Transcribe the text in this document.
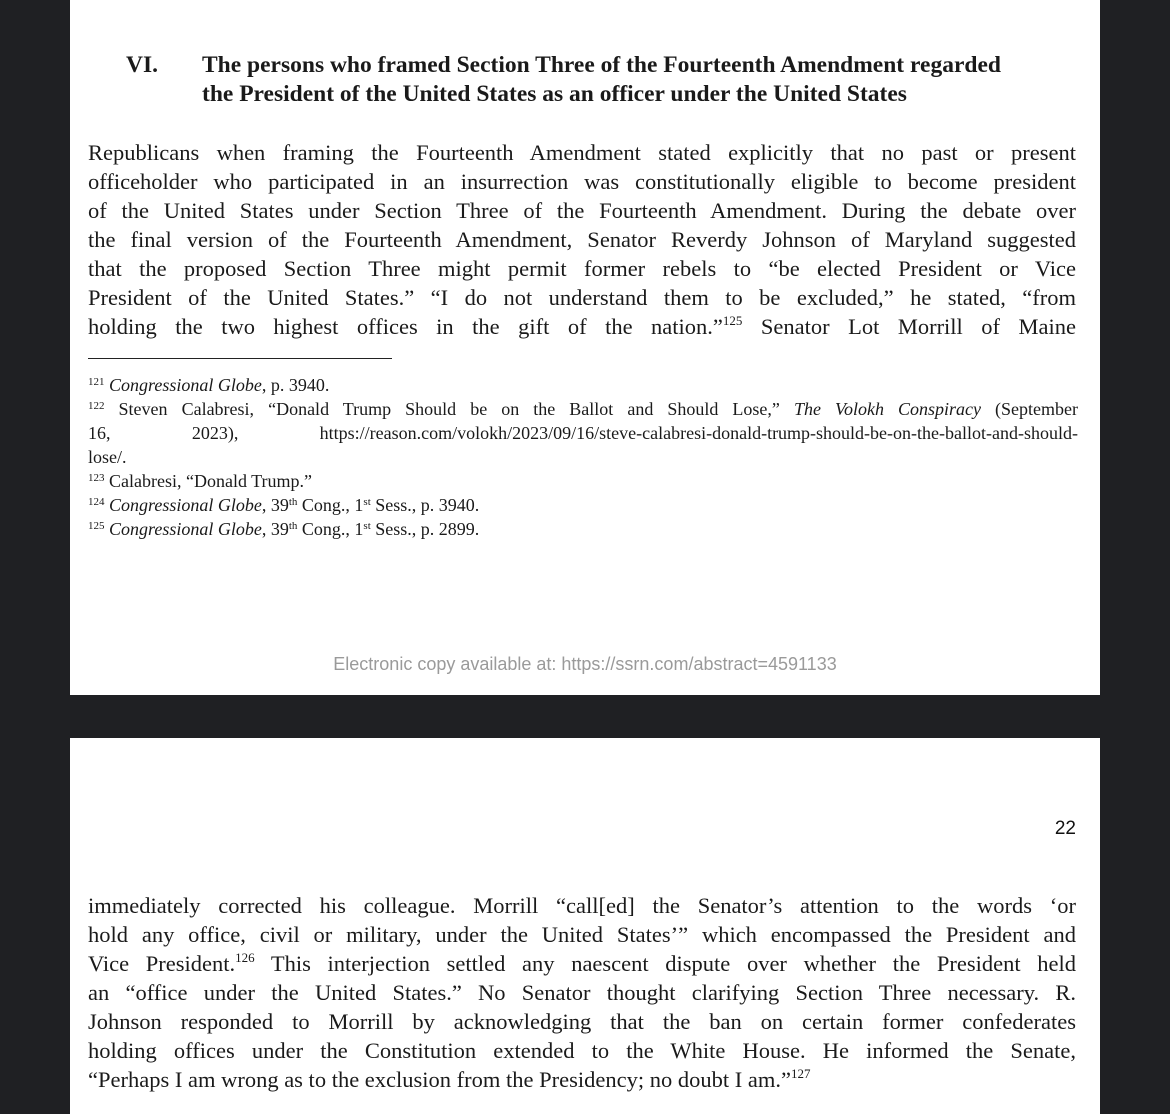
VI. The persons who framed Section Three of the Fourteenth Amendment regarded
the President of the United States as an officer under the United States
Republicans when framing the Fourteenth Amendment stated explicitly that no past or present
officeholder who participated in an insurrection was constitutionally eligible to become president
of the United States under Section Three of the Fourteenth Amendment. During the debate over
the final version of the Fourteenth Amendment, Senator Reverdy Johnson of Maryland suggested
that the proposed Section Three might permit former rebels to “be elected President or Vice
President of the United States.” “I do not understand them to be excluded,” he stated, “from
holding the two highest offices in the gift of the nation.”$^{125}$ Senator Lot Morrill of Maine
$^{121}$ Congressional Globe, p. 3940.
$^{122}$ Steven Calabresi, “Donald Trump Should be on the Ballot and Should Lose,” The Volokh Conspiracy (September
16, 2023), https://reason.com/volokh/2023/09/16/steve-calabresi-donald-trump-should-be-on-the-ballot-and-should-
lose/.
$^{123}$ Calabresi, “Donald Trump.”
$^{124}$ Congressional Globe, 39th Cong., 1st Sess., p. 3940.
$^{125}$ Congressional Globe, 39th Cong., 1st Sess., p. 2899.
Electronic copy available at: https://ssrn.com/abstract=4591133
22
immediately corrected his colleague. Morrill “call[ed] the Senator’s attention to the words ‘or
hold any office, civil or military, under the United States’” which encompassed the President and
Vice President.$^{126}$ This interjection settled any naescent dispute over whether the President held
an “office under the United States.” No Senator thought clarifying Section Three necessary. R.
Johnson responded to Morrill by acknowledging that the ban on certain former confederates
holding offices under the Constitution extended to the White House. He informed the Senate,
“Perhaps I am wrong as to the exclusion from the Presidency; no doubt I am.”$^{127}$
